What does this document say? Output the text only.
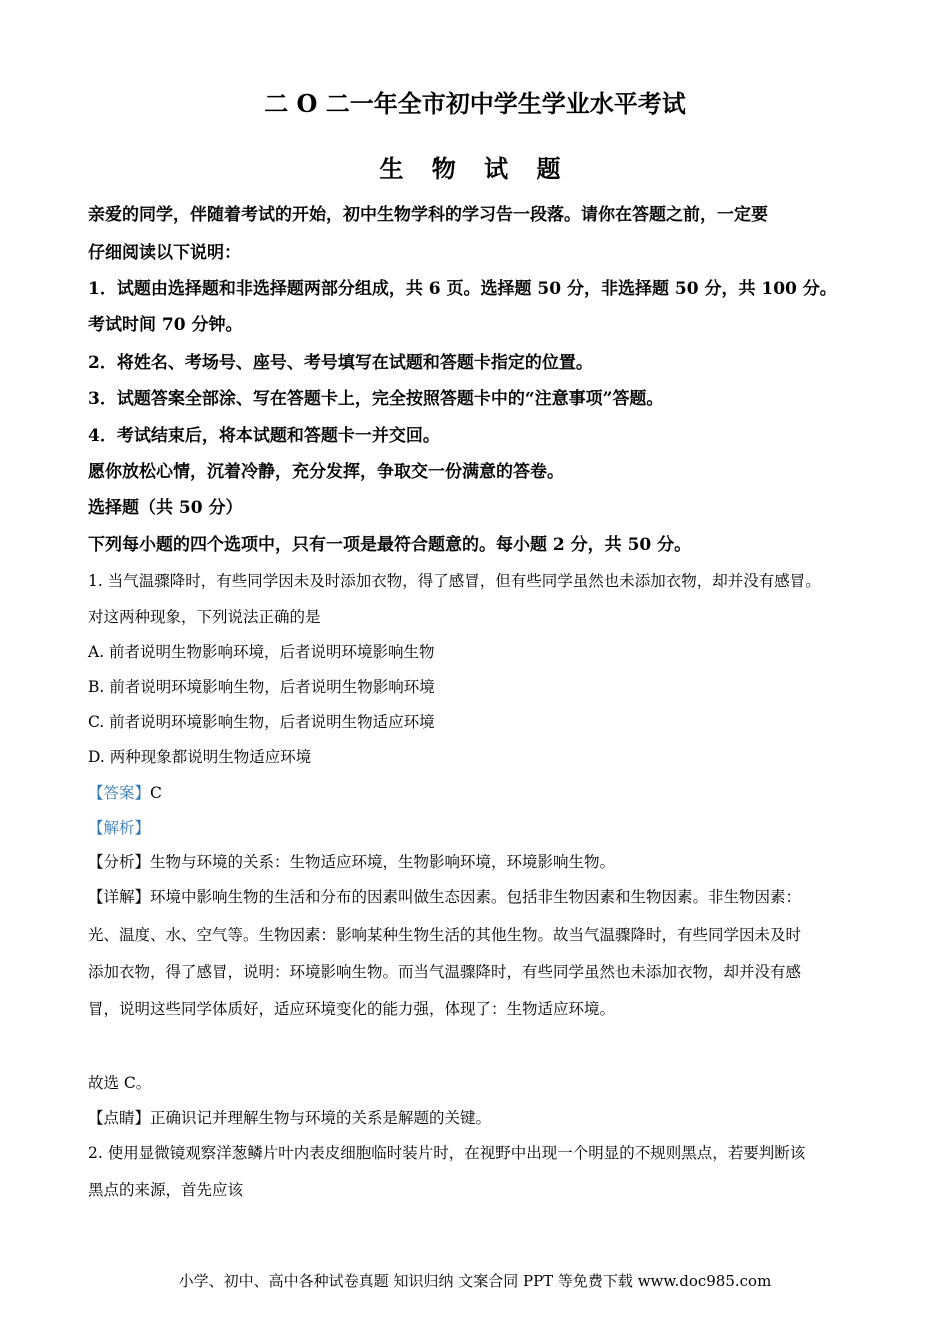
二 O 二一年全市初中学生学业水平考试
生 物 试 题
亲爱的同学，伴随着考试的开始，初中生物学科的学习告一段落。请你在答题之前，一定要
仔细阅读以下说明：
1．试题由选择题和非选择题两部分组成，共 6 页。选择题 50 分，非选择题 50 分，共 100 分。
考试时间 70 分钟。
2．将姓名、考场号、座号、考号填写在试题和答题卡指定的位置。
3．试题答案全部涂、写在答题卡上，完全按照答题卡中的“注意事项”答题。
4．考试结束后，将本试题和答题卡一并交回。
愿你放松心情，沉着冷静，充分发挥，争取交一份满意的答卷。
选择题（共 50 分）
下列每小题的四个选项中，只有一项是最符合题意的。每小题 2 分，共 50 分。
1. 当气温骤降时，有些同学因未及时添加衣物，得了感冒，但有些同学虽然也未添加衣物，却并没有感冒。
对这两种现象，下列说法正确的是
A. 前者说明生物影响环境，后者说明环境影响生物
B. 前者说明环境影响生物，后者说明生物影响环境
C. 前者说明环境影响生物，后者说明生物适应环境
D. 两种现象都说明生物适应环境
【答案】C
【解析】
【分析】生物与环境的关系：生物适应环境，生物影响环境，环境影响生物。
【详解】环境中影响生物的生活和分布的因素叫做生态因素。包括非生物因素和生物因素。非生物因素：
光、温度、水、空气等。生物因素：影响某种生物生活的其他生物。故当气温骤降时，有些同学因未及时
添加衣物，得了感冒，说明：环境影响生物。而当气温骤降时，有些同学虽然也未添加衣物，却并没有感
冒，说明这些同学体质好，适应环境变化的能力强，体现了：生物适应环境。
故选 C。
【点睛】正确识记并理解生物与环境的关系是解题的关键。
2. 使用显微镜观察洋葱鳞片叶内表皮细胞临时装片时，在视野中出现一个明显的不规则黑点，若要判断该
黑点的来源，首先应该
小学、初中、高中各种试卷真题 知识归纳 文案合同 PPT 等免费下载 www.doc985.com
